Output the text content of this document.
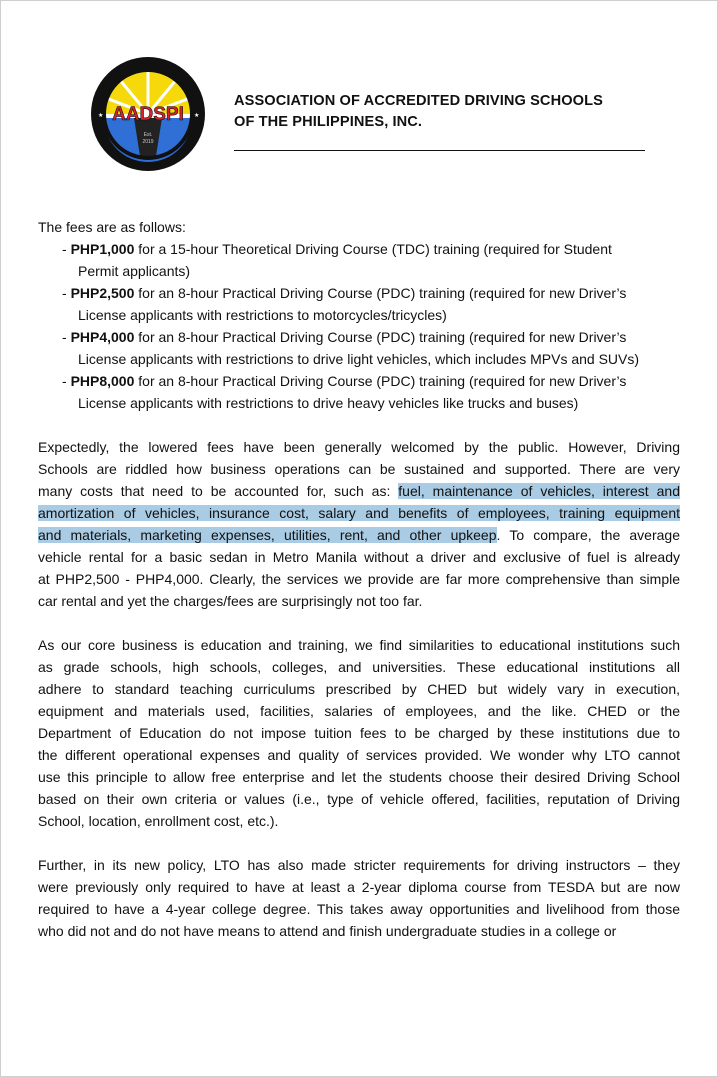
AADSPI
Est.
2019
★	★
ASSOCIATION OF ACCREDITED DRIVING SCHOOLS
OF THE PHILIPPINES, INC.
The fees are as follows:
- PHP1,000 for a 15-hour Theoretical Driving Course (TDC) training (required for Student
Permit applicants)
- PHP2,500 for an 8-hour Practical Driving Course (PDC) training (required for new Driver’s
License applicants with restrictions to motorcycles/tricycles)
- PHP4,000 for an 8-hour Practical Driving Course (PDC) training (required for new Driver’s
License applicants with restrictions to drive light vehicles, which includes MPVs and SUVs)
- PHP8,000 for an 8-hour Practical Driving Course (PDC) training (required for new Driver’s
License applicants with restrictions to drive heavy vehicles like trucks and buses)
Expectedly, the lowered fees have been generally welcomed by the public. However, Driving
Schools are riddled how business operations can be sustained and supported. There are very
many costs that need to be accounted for, such as: fuel, maintenance of vehicles, interest and
amortization of vehicles, insurance cost, salary and benefits of employees, training equipment
and materials, marketing expenses, utilities, rent, and other upkeep. To compare, the average
vehicle rental for a basic sedan in Metro Manila without a driver and exclusive of fuel is already
at PHP2,500 - PHP4,000. Clearly, the services we provide are far more comprehensive than simple
car rental and yet the charges/fees are surprisingly not too far.
As our core business is education and training, we find similarities to educational institutions such
as grade schools, high schools, colleges, and universities. These educational institutions all
adhere to standard teaching curriculums prescribed by CHED but widely vary in execution,
equipment and materials used, facilities, salaries of employees, and the like. CHED or the
Department of Education do not impose tuition fees to be charged by these institutions due to
the different operational expenses and quality of services provided. We wonder why LTO cannot
use this principle to allow free enterprise and let the students choose their desired Driving School
based on their own criteria or values (i.e., type of vehicle offered, facilities, reputation of Driving
School, location, enrollment cost, etc.).
Further, in its new policy, LTO has also made stricter requirements for driving instructors – they
were previously only required to have at least a 2-year diploma course from TESDA but are now
required to have a 4-year college degree. This takes away opportunities and livelihood from those
who did not and do not have means to attend and finish undergraduate studies in a college or
